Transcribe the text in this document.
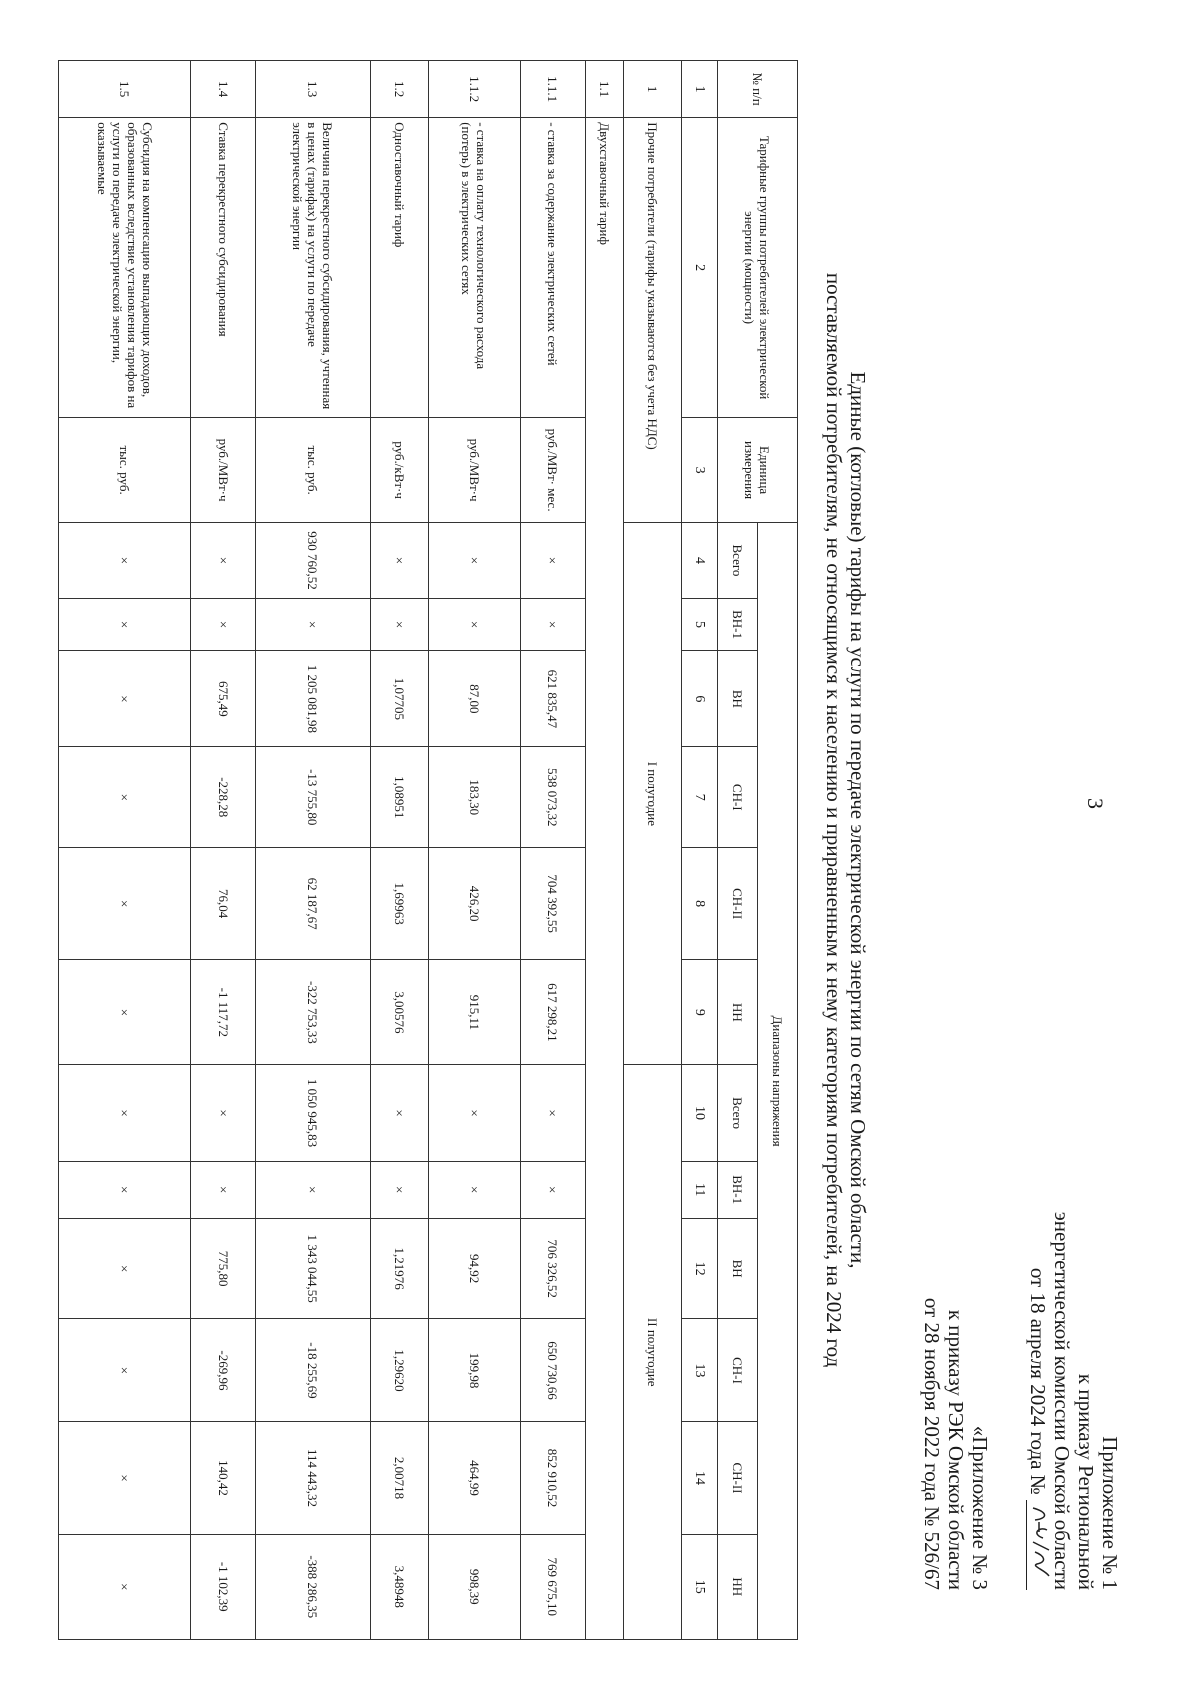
3
Приложение № 1
к приказу Региональной
энергетической комиссии Омской области
от 18 апреля 2024 года №
«Приложение № 3
к приказу РЭК Омской области
от 28 ноября 2022 года № 526/67
Единые (котловые) тарифы на услуги по передаче электрической энергии по сетям Омской области,
поставляемой потребителям, не относящимся к населению и приравненным к нему категориям потребителей, на 2024 год
№ п/п	Тарифные группы потребителей электрической энергии (мощности)	Единица измерения	Диапазоны напряжения											
			Всего	ВН-1	ВН	СН-I	СН-II	НН	Всего	ВН-1	ВН	СН-I	СН-II	НН
1	2	3	4	5	6	7	8	9	10	11	12	13	14	15
1	Прочие потребители (тарифы указываются без учета НДС)		I полугодие						II полугодие					
1.1	Двухставочный тариф													
1.1.1	- ставка за содержание электрических сетей	руб./МВт· мес.	×	×	621 835,47	538 073,32	704 392,55	617 298,21	×	×	706 326,52	650 730,66	852 910,52	769 675,10
1.1.2	- ставка на оплату технологического расхода (потерь) в электрических сетях	руб./МВт·ч	×	×	87,00	183,30	426,20	915,11	×	×	94,92	199,98	464,99	998,39
1.2	Одноставочный тариф	руб./кВт·ч	×	×	1,07705	1,08951	1,69963	3,00576	×	×	1,21976	1,29620	2,00718	3,48948
1.3	Величина перекрестного субсидирования, учтенная в ценах (тарифах) на услуги по передаче электрической энергии	тыс. руб.	930 760,52	×	1 205 081,98	-13 755,80	62 187,67	-322 753,33	1 050 945,83	×	1 343 044,55	-18 255,69	114 443,32	-388 286,35
1.4	Ставка перекрестного субсидирования	руб./МВт·ч	×	×	675,49	-228,28	76,04	-1 117,72	×	×	775,80	-269,96	140,42	-1 102,39
1.5	Субсидия на компенсацию выпадающих доходов, образованных вследствие установления тарифов на услуги по передаче электрической энергии, оказываемые	тыс. руб.	×	×	×	×	×	×	×	×	×	×	×	×
